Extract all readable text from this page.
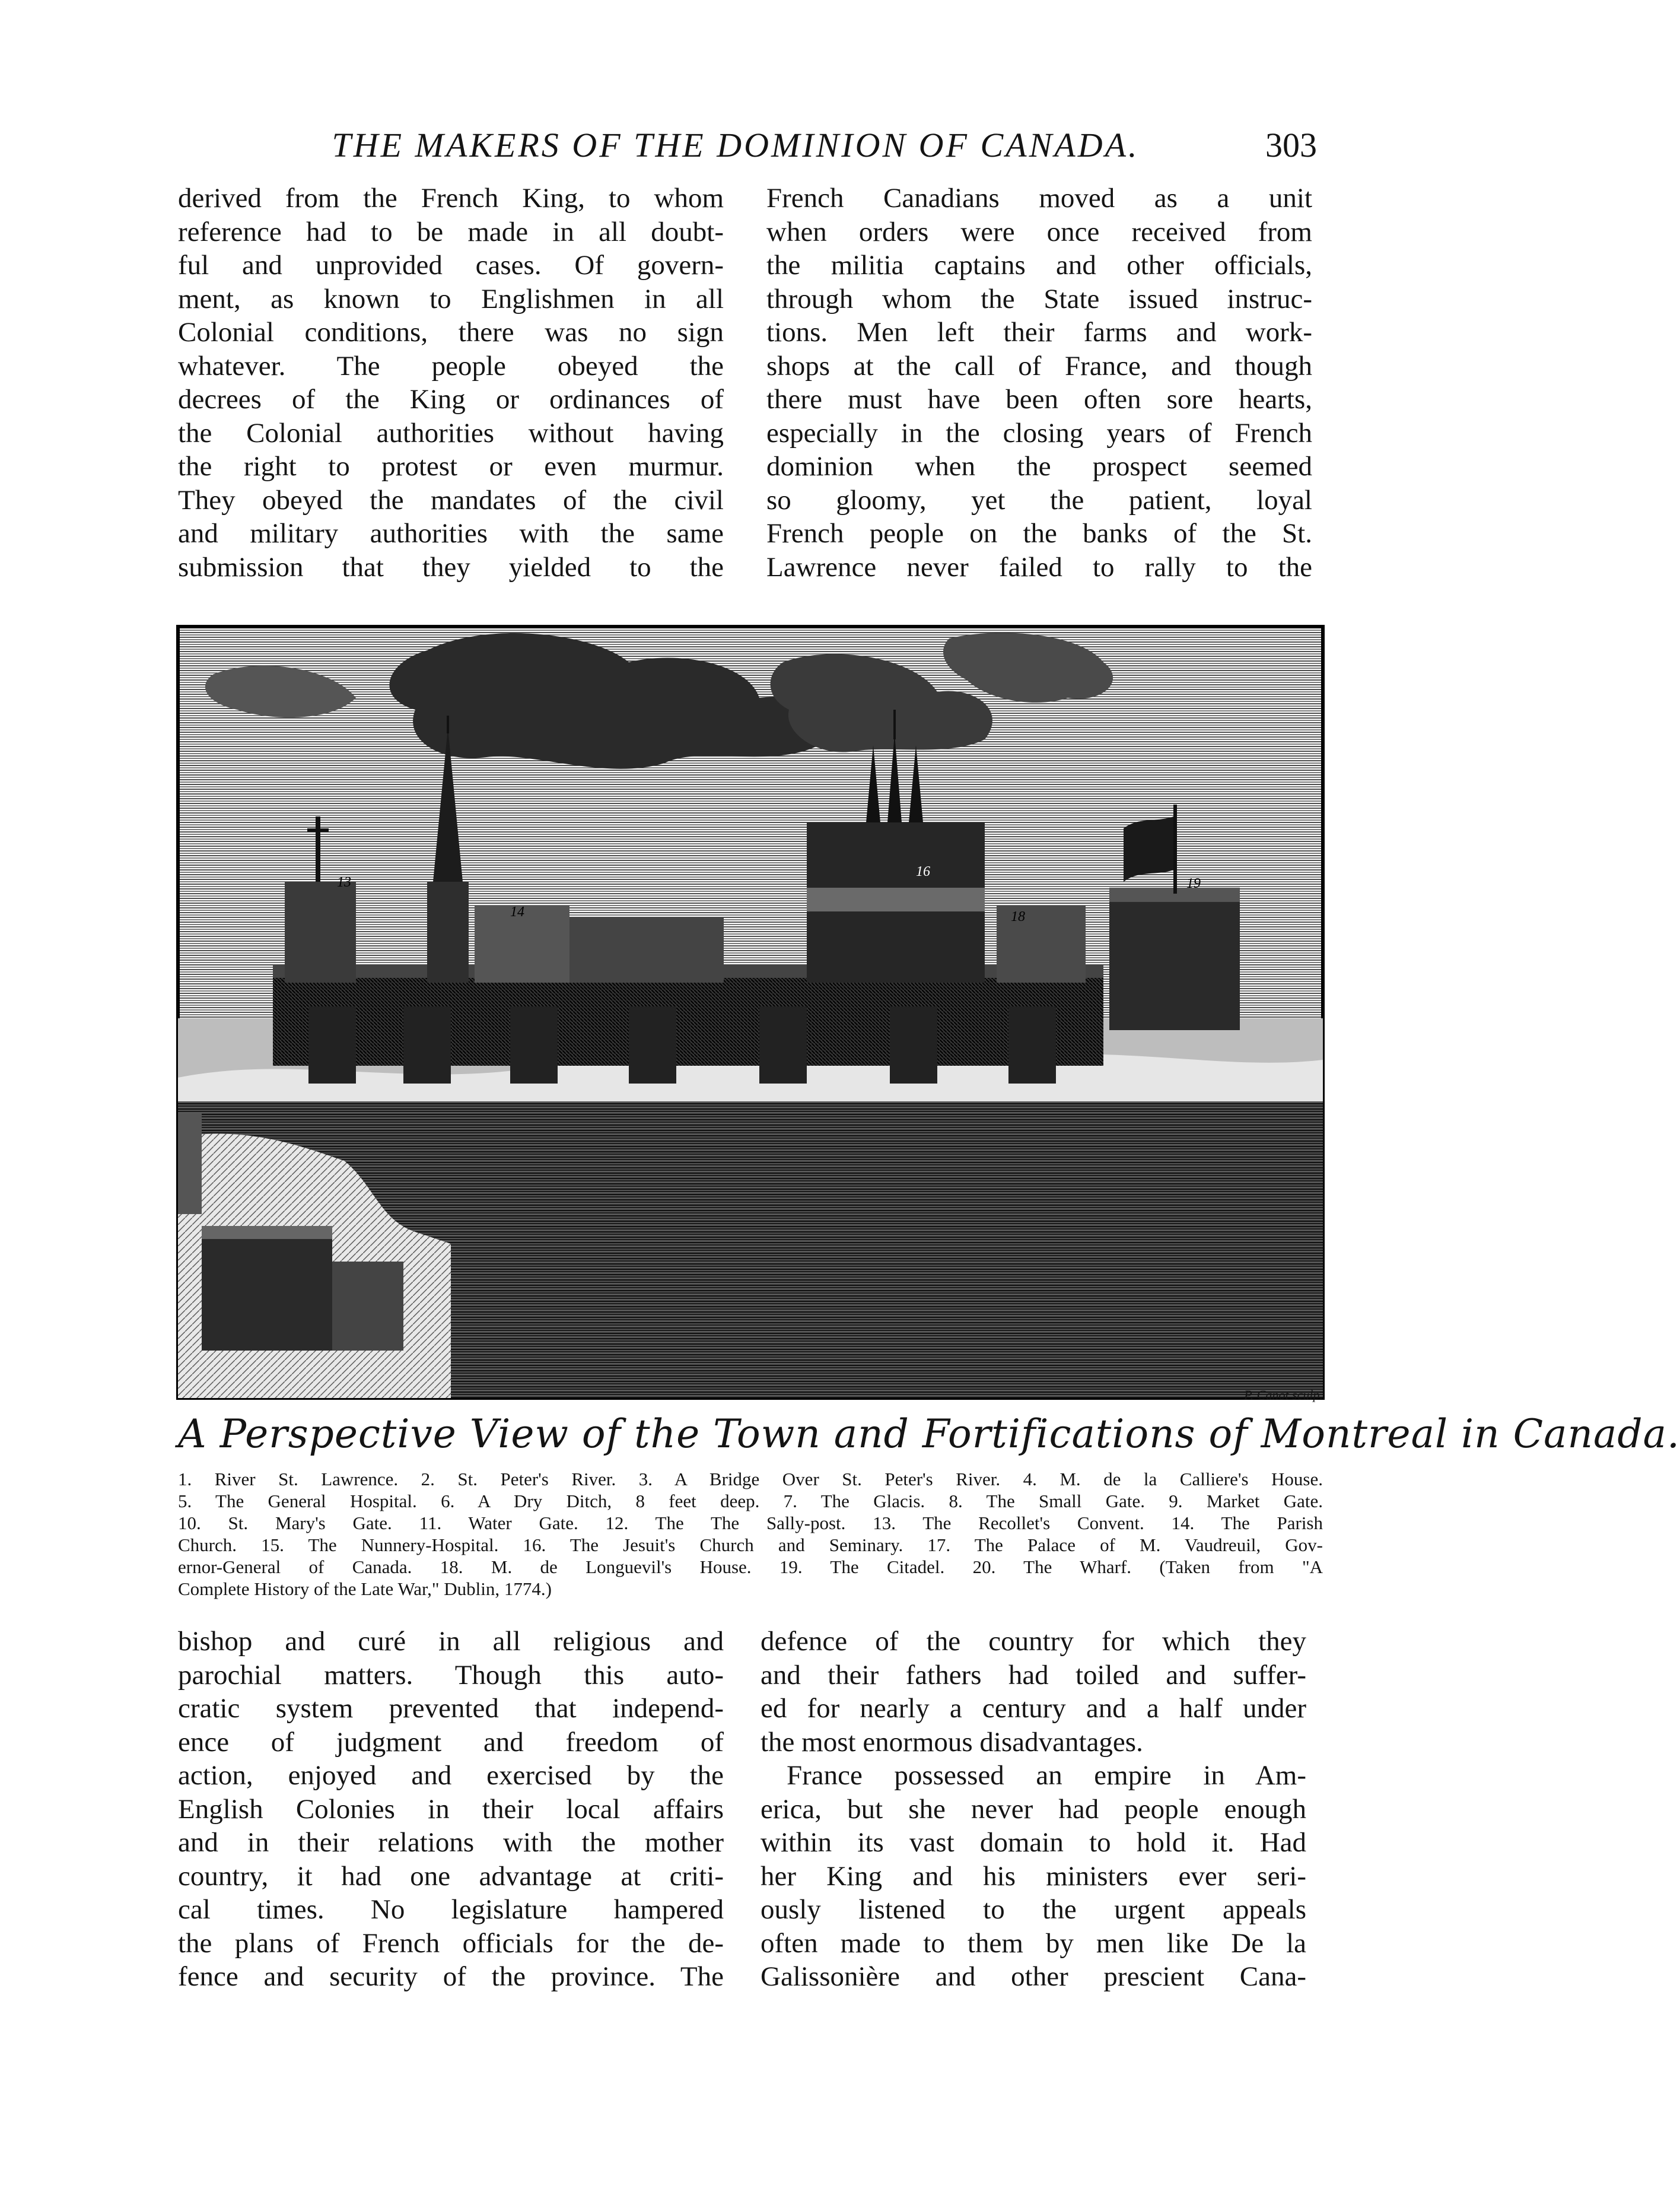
THE MAKERS OF THE DOMINION OF CANADA.	303
derived from the French King, to whom
reference had to be made in all doubt-
ful and unprovided cases. Of govern-
ment, as known to Englishmen in all
Colonial conditions, there was no sign
whatever. The people obeyed the
decrees of the King or ordinances of
the Colonial authorities without having
the right to protest or even murmur.
They obeyed the mandates of the civil
and military authorities with the same
submission that they yielded to the
French Canadians moved as a unit
when orders were once received from
the militia captains and other officials,
through whom the State issued instruc-
tions. Men left their farms and work-
shops at the call of France, and though
there must have been often sore hearts,
especially in the closing years of French
dominion when the prospect seemed
so gloomy, yet the patient, loyal
French people on the banks of the St.
Lawrence never failed to rally to the
13
14
16
18
19
P. Canot sculp.
A Perspective View of the Town and Fortifications of Montreal in Canada.
1. River St. Lawrence. 2. St. Peter's River. 3. A Bridge Over St. Peter's River. 4. M. de la Calliere's House.
5. The General Hospital. 6. A Dry Ditch, 8 feet deep. 7. The Glacis. 8. The Small Gate. 9. Market Gate.
10. St. Mary's Gate. 11. Water Gate. 12. The The Sally-post. 13. The Recollet's Convent. 14. The Parish
Church. 15. The Nunnery-Hospital. 16. The Jesuit's Church and Seminary. 17. The Palace of M. Vaudreuil, Gov-
ernor-General of Canada. 18. M. de Longuevil's House. 19. The Citadel. 20. The Wharf. (Taken from "A
Complete History of the Late War," Dublin, 1774.)
bishop and curé in all religious and
parochial matters. Though this auto-
cratic system prevented that independ-
ence of judgment and freedom of
action, enjoyed and exercised by the
English Colonies in their local affairs
and in their relations with the mother
country, it had one advantage at criti-
cal times. No legislature hampered
the plans of French officials for the de-
fence and security of the province. The
defence of the country for which they
and their fathers had toiled and suffer-
ed for nearly a century and a half under
the most enormous disadvantages.
France possessed an empire in Am-
erica, but she never had people enough
within its vast domain to hold it. Had
her King and his ministers ever seri-
ously listened to the urgent appeals
often made to them by men like De la
Galissonière and other prescient Cana-
